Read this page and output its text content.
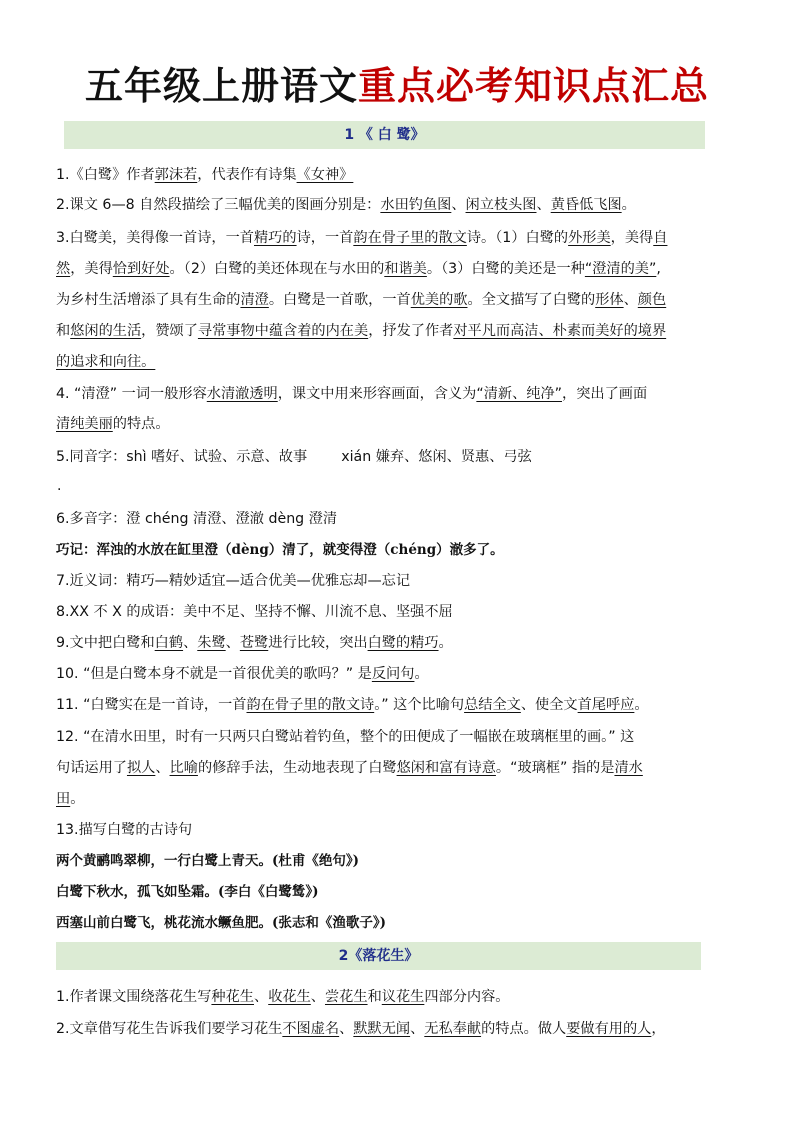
五年级上册语文重点必考知识点汇总
1 《 白 鹭》
1.《白鹭》作者郭沫若，代表作有诗集《女神》
2.课文 6—8 自然段描绘了三幅优美的图画分别是：水田钓鱼图、闲立枝头图、黄昏低飞图。
3.白鹭美，美得像一首诗，一首精巧的诗，一首韵在骨子里的散文诗。（1）白鹭的外形美，美得自
然，美得恰到好处。（2）白鹭的美还体现在与水田的和谐美。（3）白鹭的美还是一种“澄清的美”,
为乡村生活增添了具有生命的清澄。白鹭是一首歌，一首优美的歌。全文描写了白鹭的形体、颜色
和悠闲的生活，赞颂了寻常事物中蕴含着的内在美，抒发了作者对平凡而高洁、朴素而美好的境界
的追求和向往。
4. “清澄” 一词一般形容水清澈透明，课文中用来形容画面，含义为“清新、纯净”，突出了画面
清纯美丽的特点。
5.同音字：shì 嗜好、试验、示意、故事 xián 嫌弃、悠闲、贤惠、弓弦
.
6.多音字：澄 chéng 清澄、澄澈 dèng 澄清
巧记：浑浊的水放在缸里澄（dèng）清了，就变得澄（chéng）澈多了。
7.近义词：精巧—精妙适宜—适合优美—优雅忘却—忘记
8.XX 不 X 的成语：美中不足、坚持不懈、川流不息、坚强不屈
9.文中把白鹭和白鹤、朱鹭、苍鹭进行比较，突出白鹭的精巧。
10. “但是白鹭本身不就是一首很优美的歌吗？” 是反问句。
11. “白鹭实在是一首诗，一首韵在骨子里的散文诗。” 这个比喻句总结全文、使全文首尾呼应。
12. “在清水田里，时有一只两只白鹭站着钓鱼，整个的田便成了一幅嵌在玻璃框里的画。” 这
句话运用了拟人、比喻的修辞手法，生动地表现了白鹭悠闲和富有诗意。“玻璃框” 指的是清水
田。
13.描写白鹭的古诗句
两个黄鹂鸣翠柳，一行白鹭上青天。(杜甫《绝句》)
白鹭下秋水，孤飞如坠霜。(李白《白鹭鸶》)
西塞山前白鹭飞，桃花流水鳜鱼肥。(张志和《渔歌子》)
2《落花生》
1.作者课文围绕落花生写种花生、收花生、尝花生和议花生四部分内容。
2.文章借写花生告诉我们要学习花生不图虚名、默默无闻、无私奉献的特点。做人要做有用的人，
